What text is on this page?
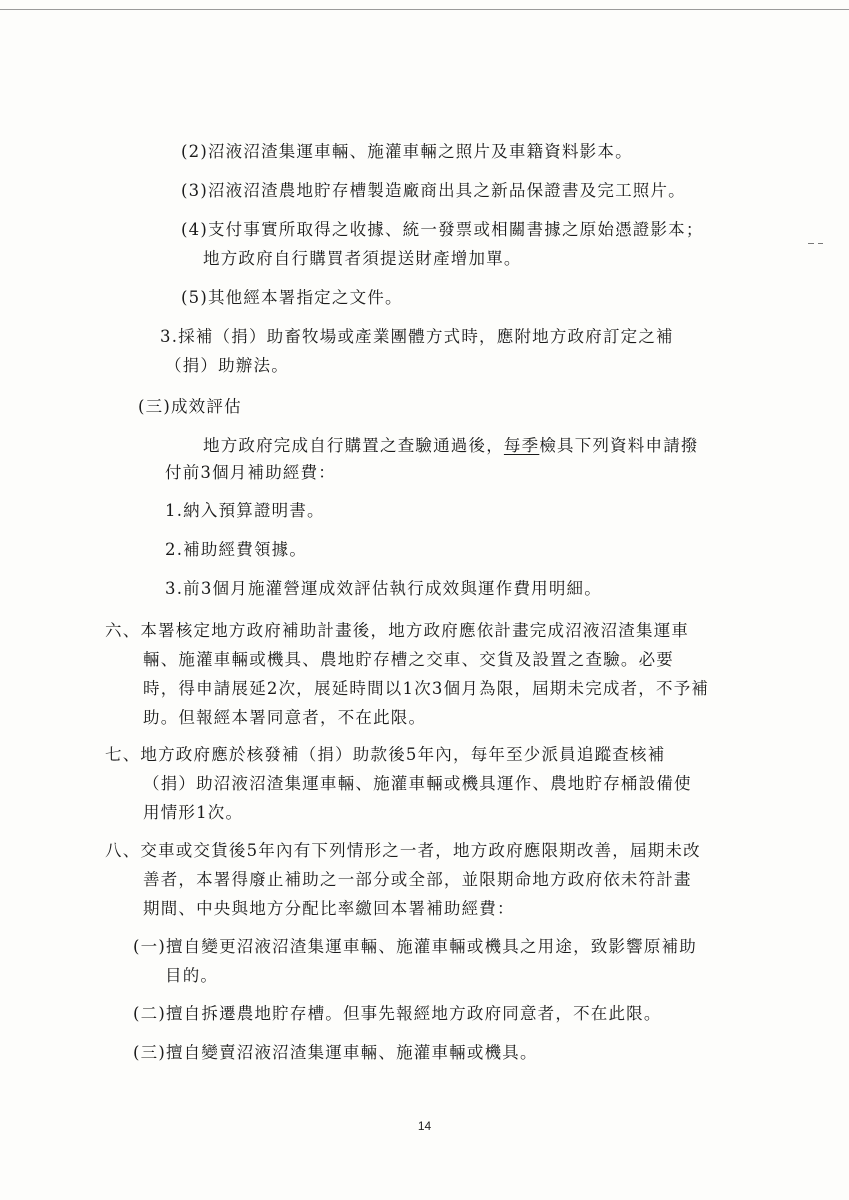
(2)沼液沼渣集運車輛、施灌車輛之照片及車籍資料影本。
(3)沼液沼渣農地貯存槽製造廠商出具之新品保證書及完工照片。
(4)支付事實所取得之收據、統一發票或相關書據之原始憑證影本；
地方政府自行購買者須提送財產增加單。
(5)其他經本署指定之文件。
3.採補（捐）助畜牧場或產業團體方式時，應附地方政府訂定之補
（捐）助辦法。
(三)成效評估
地方政府完成自行購置之查驗通過後，每季檢具下列資料申請撥
付前3個月補助經費：
1.納入預算證明書。
2.補助經費領據。
3.前3個月施灌營運成效評估執行成效與運作費用明細。
六、本署核定地方政府補助計畫後，地方政府應依計畫完成沼液沼渣集運車
輛、施灌車輛或機具、農地貯存槽之交車、交貨及設置之查驗。必要
時，得申請展延2次，展延時間以1次3個月為限，屆期未完成者，不予補
助。但報經本署同意者，不在此限。
七、地方政府應於核發補（捐）助款後5年內，每年至少派員追蹤查核補
（捐）助沼液沼渣集運車輛、施灌車輛或機具運作、農地貯存桶設備使
用情形1次。
八、交車或交貨後5年內有下列情形之一者，地方政府應限期改善，屆期未改
善者，本署得廢止補助之一部分或全部，並限期命地方政府依未符計畫
期間、中央與地方分配比率繳回本署補助經費：
(一)擅自變更沼液沼渣集運車輛、施灌車輛或機具之用途，致影響原補助
目的。
(二)擅自拆遷農地貯存槽。但事先報經地方政府同意者，不在此限。
(三)擅自變賣沼液沼渣集運車輛、施灌車輛或機具。
14
